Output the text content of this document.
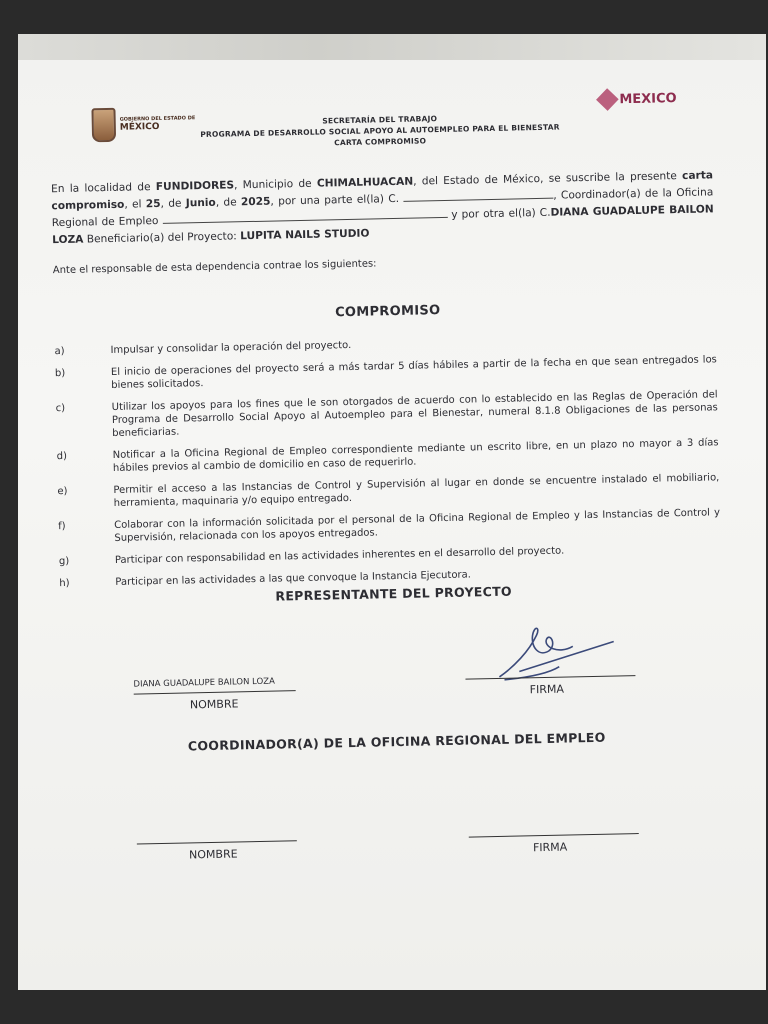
GOBIERNO DEL ESTADO DE
MÉXICO
MEXICO
SECRETARÍA DEL TRABAJO
PROGRAMA DE DESARROLLO SOCIAL APOYO AL AUTOEMPLEO PARA EL BIENESTAR
CARTA COMPROMISO
En la localidad de FUNDIDORES, Municipio de CHIMALHUACAN, del Estado de México, se suscribe la presente carta compromiso, el 25, de Junio, de 2025, por una parte el(la) C.	, Coordinador(a) de la Oficina Regional de Empleo  y por otra el(la) C.DIANA GUADALUPE BAILON LOZA Beneficiario(a) del Proyecto: LUPITA NAILS STUDIO
Ante el responsable de esta dependencia contrae los siguientes:
COMPROMISO
a)	Impulsar y consolidar la operación del proyecto.
b)	El inicio de operaciones del proyecto será a más tardar 5 días hábiles a partir de la fecha en que sean entregados los bienes solicitados.
c)	Utilizar los apoyos para los fines que le son otorgados de acuerdo con lo establecido en las Reglas de Operación del Programa de Desarrollo Social Apoyo al Autoempleo para el Bienestar, numeral 8.1.8 Obligaciones de las personas beneficiarias.
d)	Notificar a la Oficina Regional de Empleo correspondiente mediante un escrito libre, en un plazo no mayor a 3 días hábiles previos al cambio de domicilio en caso de requerirlo.
e)	Permitir el acceso a las Instancias de Control y Supervisión al lugar en donde se encuentre instalado el mobiliario, herramienta, maquinaria y/o equipo entregado.
f)	Colaborar con la información solicitada por el personal de la Oficina Regional de Empleo y las Instancias de Control y Supervisión, relacionada con los apoyos entregados.
g)	Participar con responsabilidad en las actividades inherentes en el desarrollo del proyecto.
h)	Participar en las actividades a las que convoque la Instancia Ejecutora.
REPRESENTANTE DEL PROYECTO
DIANA GUADALUPE BAILON LOZA
NOMBRE
FIRMA
COORDINADOR(A) DE LA OFICINA REGIONAL DEL EMPLEO
NOMBRE
FIRMA
